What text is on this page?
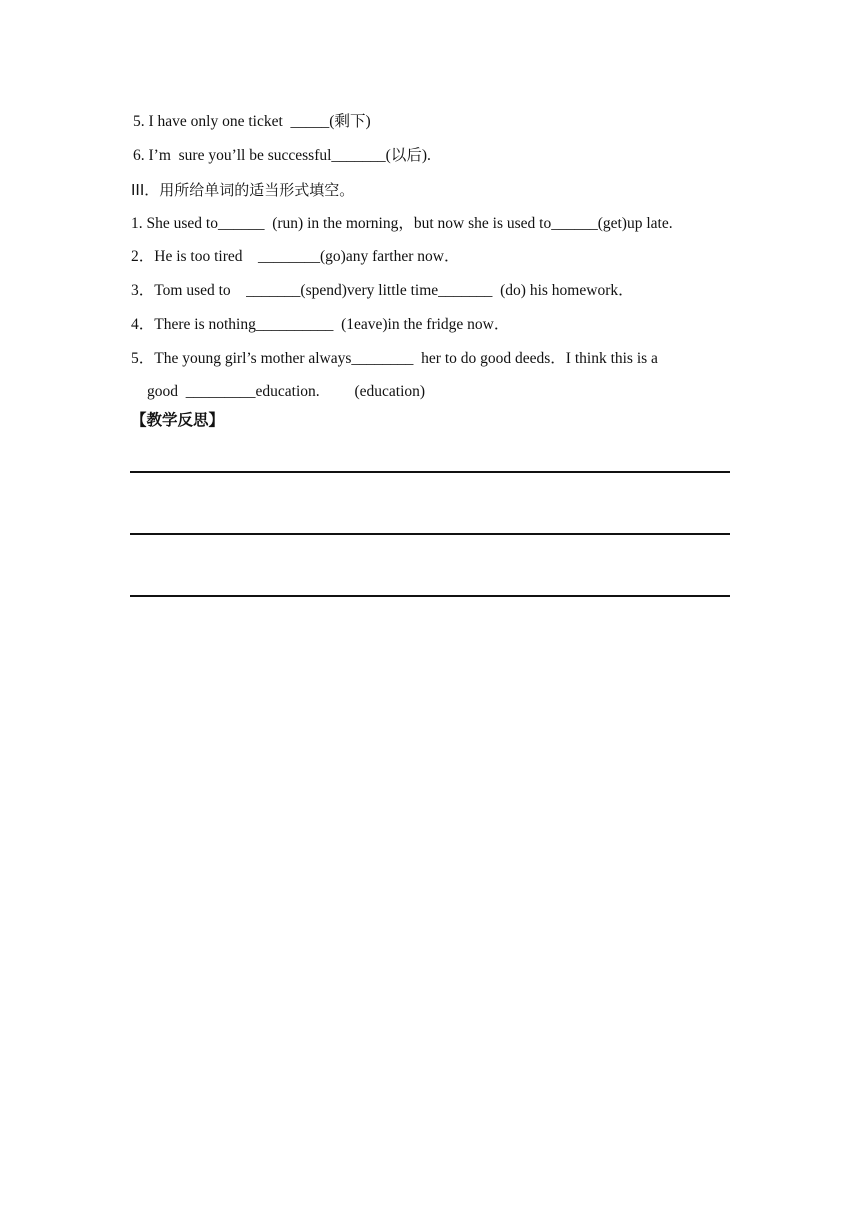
5. I have only one ticket  _____(剩下)
6. I’m  sure you’ll be successful_______(以后).
III．用所给单词的适当形式填空。
1. She used to______  (run) in the morning，but now she is used to______(get)up late.
2．He is too tired    ________(go)any farther now．
3．Tom used to    _______(spend)very little time_______  (do) his homework．
4．There is nothing__________  (1eave)in the fridge now．
5．The young girl’s mother always________  her to do good deeds．I think this is a
good  _________education.         (education)
【教学反思】
